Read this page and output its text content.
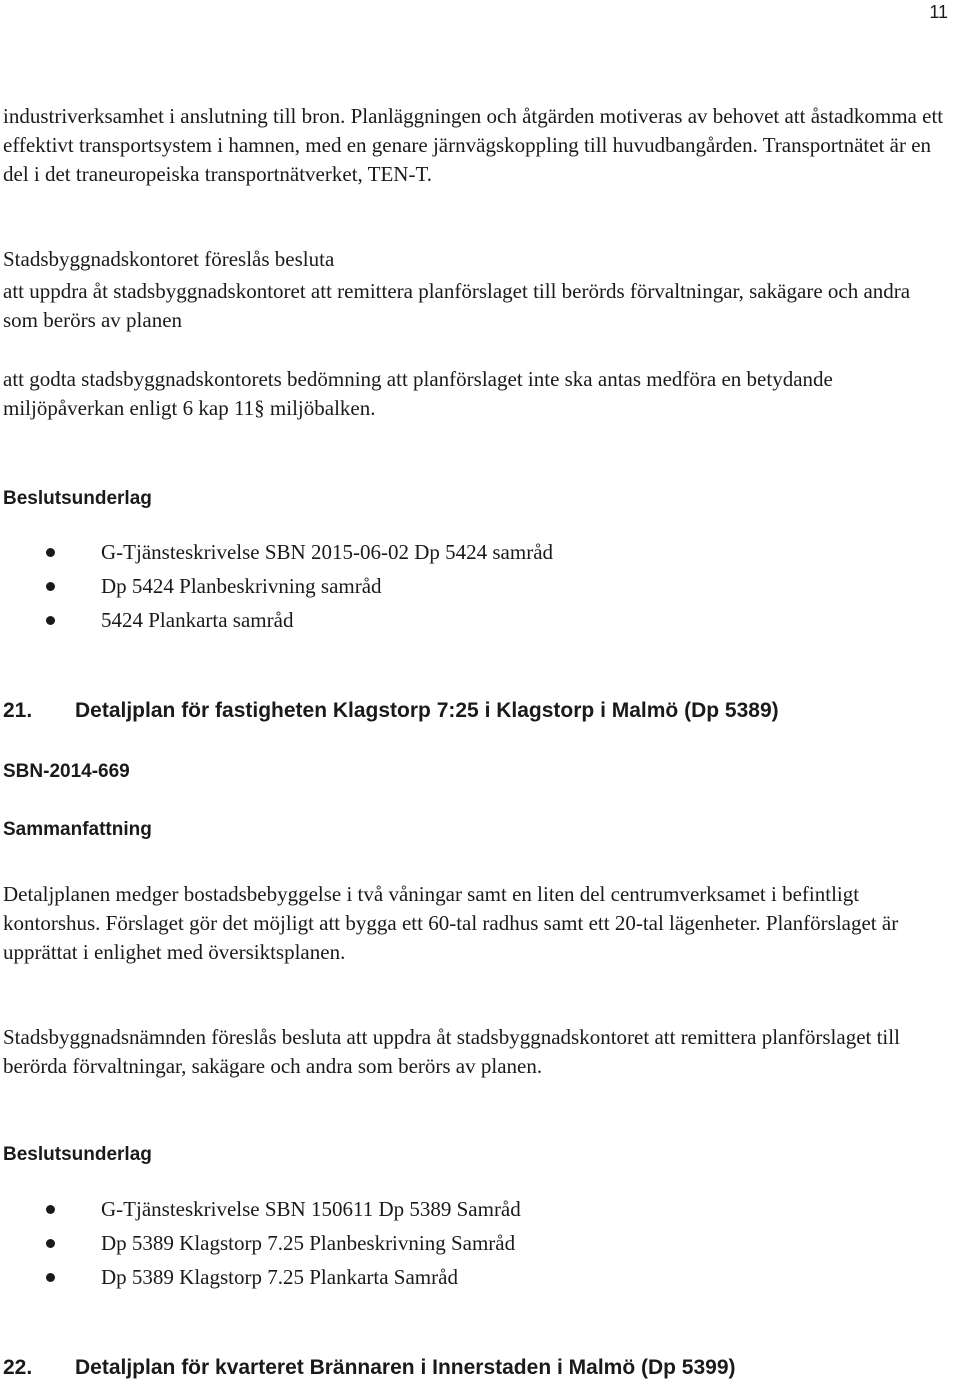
11

industriverksamhet i anslutning till bron. Planläggningen och åtgärden motiveras av behovet att åstadkomma ett effektivt transportsystem i hamnen, med en genare järnvägskoppling till huvudbangården. Transportnätet är en del i det traneuropeiska transportnätverket, TEN-T.

Stadsbyggnadskontoret föreslås besluta

att uppdra åt stadsbyggnadskontoret att remittera planförslaget till berörds förvaltningar, sakägare och andra som berörs av planen

att godta stadsbyggnadskontorets bedömning att planförslaget inte ska antas medföra en betydande miljöpåverkan enligt 6 kap 11§ miljöbalken.

Beslutsunderlag
G-Tjänsteskrivelse SBN 2015-06-02 Dp 5424 samråd
Dp 5424 Planbeskrivning samråd
5424 Plankarta samråd
21. Detaljplan för fastigheten Klagstorp 7:25 i Klagstorp i Malmö (Dp 5389)
SBN-2014-669
Sammanfattning

Detaljplanen medger bostadsbebyggelse i två våningar samt en liten del centrumverksamet i befintligt kontorshus. Förslaget gör det möjligt att bygga ett 60-tal radhus samt ett 20-tal lägenheter. Planförslaget är upprättat i enlighet med översiktsplanen.

Stadsbyggnadsnämnden föreslås besluta att uppdra åt stadsbyggnadskontoret att remittera planförslaget till berörda förvaltningar, sakägare och andra som berörs av planen.

Beslutsunderlag
G-Tjänsteskrivelse SBN 150611 Dp 5389 Samråd
Dp 5389 Klagstorp 7.25 Planbeskrivning Samråd
Dp 5389 Klagstorp 7.25 Plankarta Samråd
22. Detaljplan för kvarteret Brännaren i Innerstaden i Malmö (Dp 5399)
